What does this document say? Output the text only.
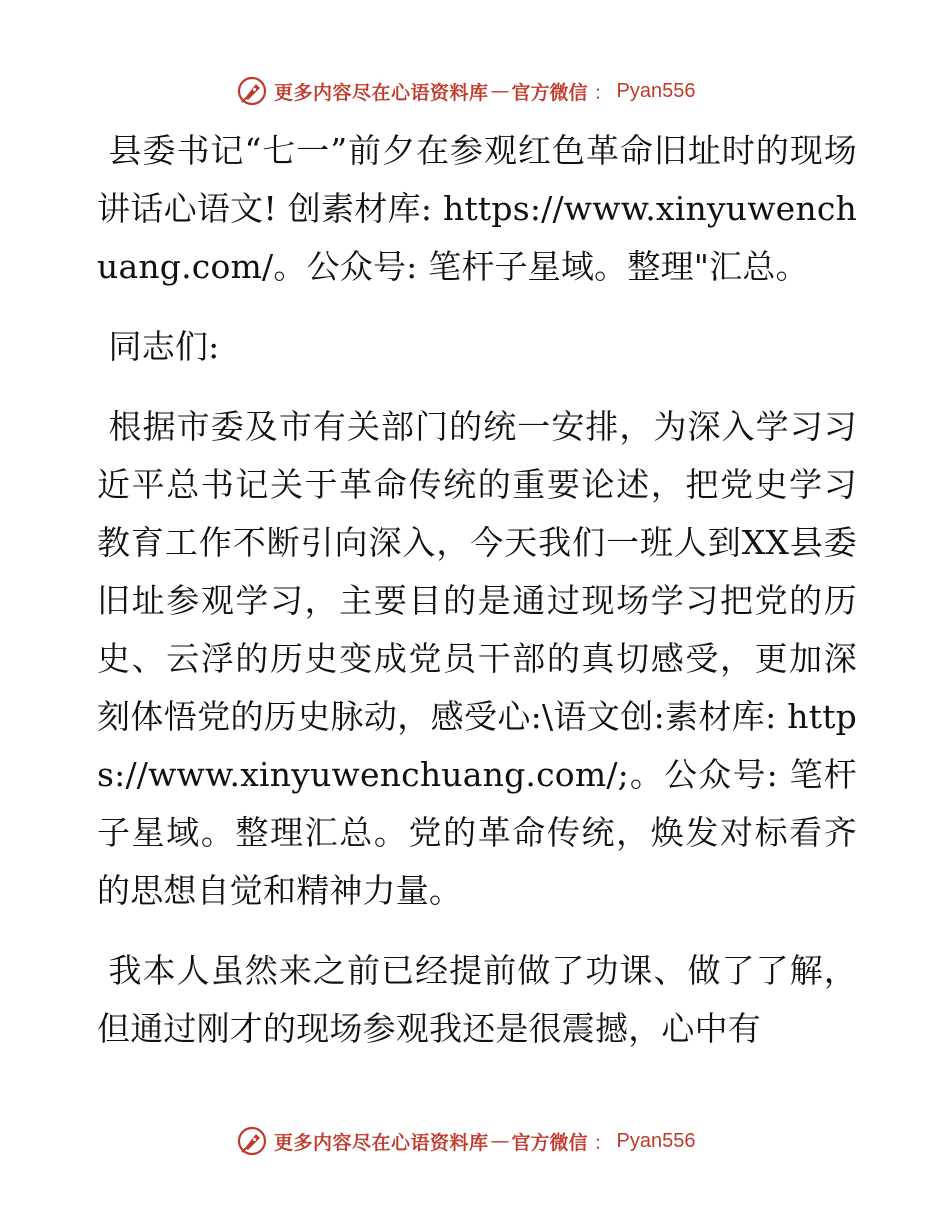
更多内容尽在心语资料库 — 官方微信 ： Pyan556

县委书记“七一”前夕在参观红色革命旧址时的现场讲话心语文! 创素材库: https://www.xinyuwenchuang.com/。公众号: 笔杆子星域。整理"汇总。

同志们:

根据市委及市有关部门的统一安排，为深入学习习近平总书记关于革命传统的重要论述，把党史学习教育工作不断引向深入，今天我们一班人到XX县委旧址参观学习，主要目的是通过现场学习把党的历史、云浮的历史变成党员干部的真切感受，更加深刻体悟党的历史脉动，感受心:\语文创:素材库: https://www.xinyuwenchuang.com/;。公众号: 笔杆子星域。整理汇总。党的革命传统，焕发对标看齐的思想自觉和精神力量。

我本人虽然来之前已经提前做了功课、做了了解，但通过刚才的现场参观我还是很震撼，心中有

更多内容尽在心语资料库 — 官方微信 ： Pyan556
